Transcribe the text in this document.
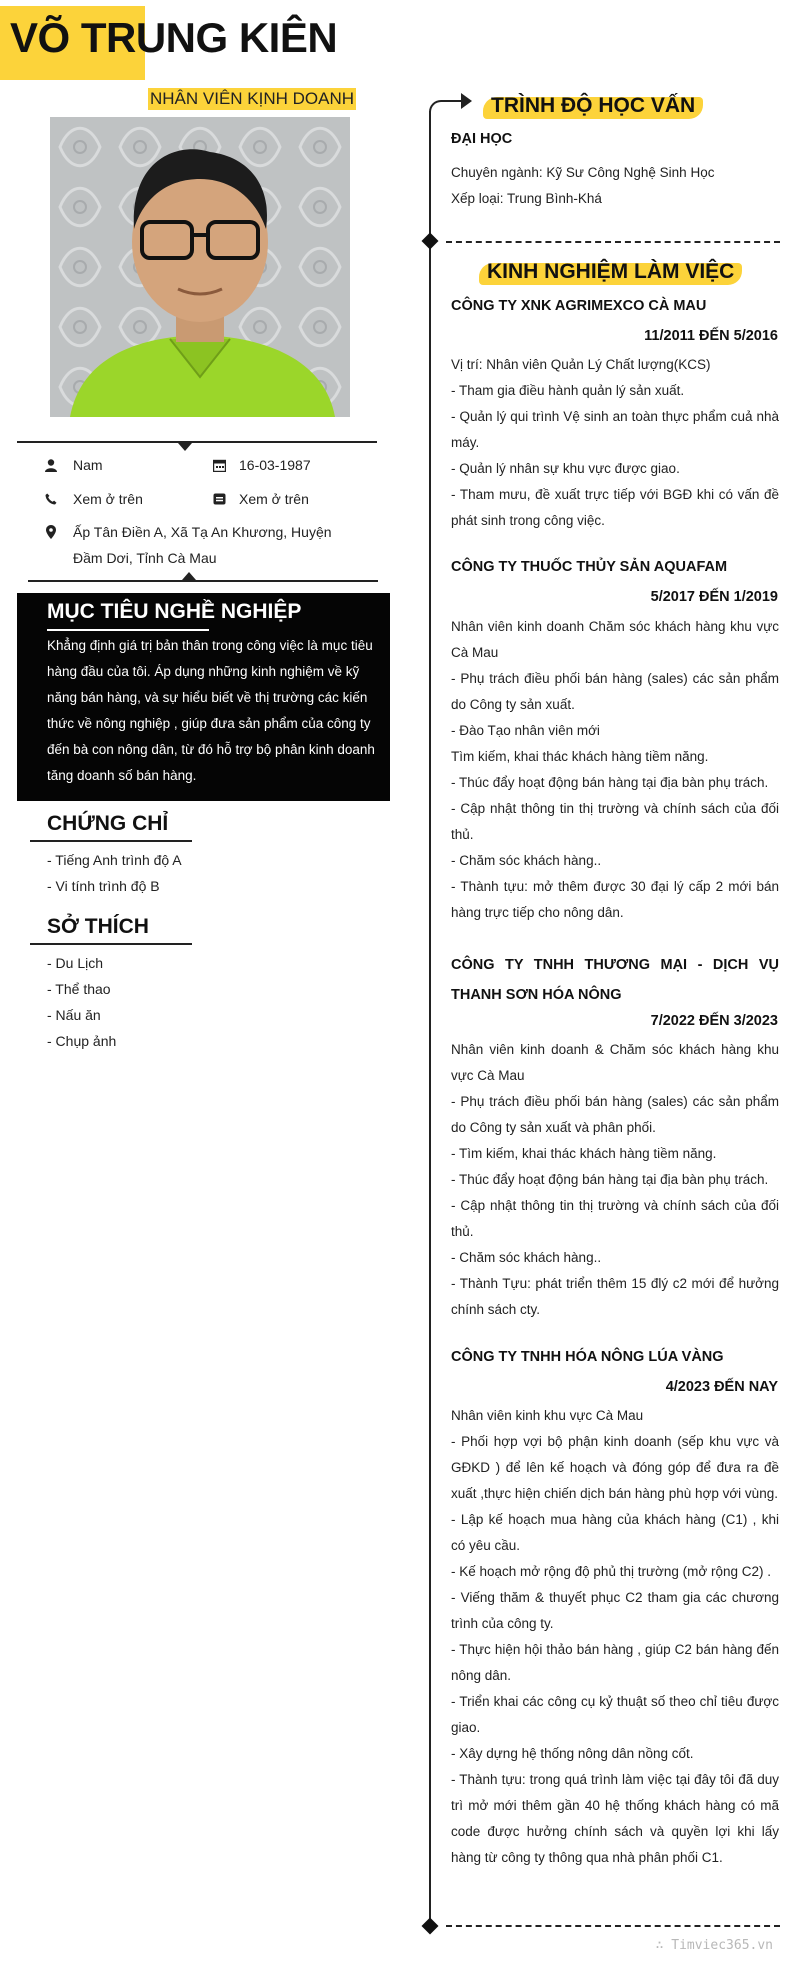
VÕ TRUNG KIÊN
NHÂN VIÊN KỊNH DOANH
Nam	16-03-1987
Xem ở trên	Xem ở trên
Ấp Tân Điền A, Xã Tạ An Khương, Huyện Đầm Dơi, Tỉnh Cà Mau
MỤC TIÊU NGHỀ NGHIỆP

Khẳng định giá trị bản thân trong công việc là mục tiêu hàng đầu của tôi. Áp dụng những kinh nghiệm về kỹ năng bán hàng, và sự hiểu biết về thị trường các kiến thức về nông nghiệp , giúp đưa sản phẩm của công ty đến bà con nông dân, từ đó hỗ trợ bộ phân kinh doanh tăng doanh số bán hàng.

CHỨNG CHỈ
- Tiếng Anh trình độ A
- Vi tính trình độ B
SỞ THÍCH
- Du Lịch
- Thể thao
- Nấu ăn
- Chụp ảnh
TRÌNH ĐỘ HỌC VẤN
ĐẠI HỌC
Chuyên ngành: Kỹ Sư Công Nghệ Sinh Học
Xếp loại: Trung Bình-Khá
KINH NGHIỆM LÀM VIỆC
CÔNG TY XNK AGRIMEXCO CÀ MAU
11/2011 ĐẾN 5/2016
Vị trí: Nhân viên Quản Lý Chất lượng(KCS)
- Tham gia điều hành quản lý sản xuất.
- Quản lý qui trình Vệ sinh an toàn thực phẩm cuả nhà máy.
- Quản lý nhân sự khu vực được giao.
- Tham mưu, đề xuất trực tiếp với BGĐ khi có vấn đề phát sinh trong công việc.
CÔNG TY THUỐC THỦY SẢN AQUAFAM
5/2017 ĐẾN 1/2019
Nhân viên kinh doanh Chăm sóc khách hàng khu vực Cà Mau
- Phụ trách điều phối bán hàng (sales) các sản phẩm do Công ty sản xuất.
- Đào Tạo nhân viên mới
Tìm kiếm, khai thác khách hàng tiềm năng.
- Thúc đẩy hoạt động bán hàng tại địa bàn phụ trách.
- Cập nhật thông tin thị trường và chính sách của đối thủ.
- Chăm sóc khách hàng..
- Thành tựu: mở thêm được 30 đại lý cấp 2 mới bán hàng trực tiếp cho nông dân.
CÔNG TY TNHH THƯƠNG MẠI - DỊCH VỤ THANH SƠN HÓA NÔNG
7/2022 ĐẾN 3/2023
Nhân viên kinh doanh & Chăm sóc khách hàng khu vực Cà Mau
- Phụ trách điều phối bán hàng (sales) các sản phẩm do Công ty sản xuất và phân phối.
- Tìm kiếm, khai thác khách hàng tiềm năng.
- Thúc đẩy hoạt động bán hàng tại địa bàn phụ trách.
- Cập nhật thông tin thị trường và chính sách của đối thủ.
- Chăm sóc khách hàng..
- Thành Tựu: phát triển thêm 15 đlý c2 mới để hưởng chính sách cty.
CÔNG TY TNHH HÓA NÔNG LÚA VÀNG
4/2023 ĐẾN NAY
Nhân viên kinh khu vực Cà Mau
- Phối hợp vợi bộ phận kinh doanh (sếp khu vực và GĐKD ) để lên kế hoạch và đóng góp để đưa ra đề xuất ,thực hiện chiến dịch bán hàng phù hợp với vùng.
- Lập kế hoạch mua hàng của khách hàng (C1) , khi có yêu cầu.
- Kế hoạch mở rộng độ phủ thị trường (mở rộng C2) .
- Viếng thăm & thuyết phục C2 tham gia các chương trình của công ty.
- Thực hiện hội thảo bán hàng , giúp C2 bán hàng đến nông dân.
- Triển khai các công cụ kỷ thuật số theo chỉ tiêu được giao.
- Xây dựng hệ thống nông dân nồng cốt.
- Thành tựu: trong quá trình làm việc tại đây tôi đã duy trì mở mới thêm gần 40 hệ thống khách hàng có mã code được hưởng chính sách và quyền lợi khi lấy hàng từ công ty thông qua nhà phân phối C1.
∴ Timviec365.vn
